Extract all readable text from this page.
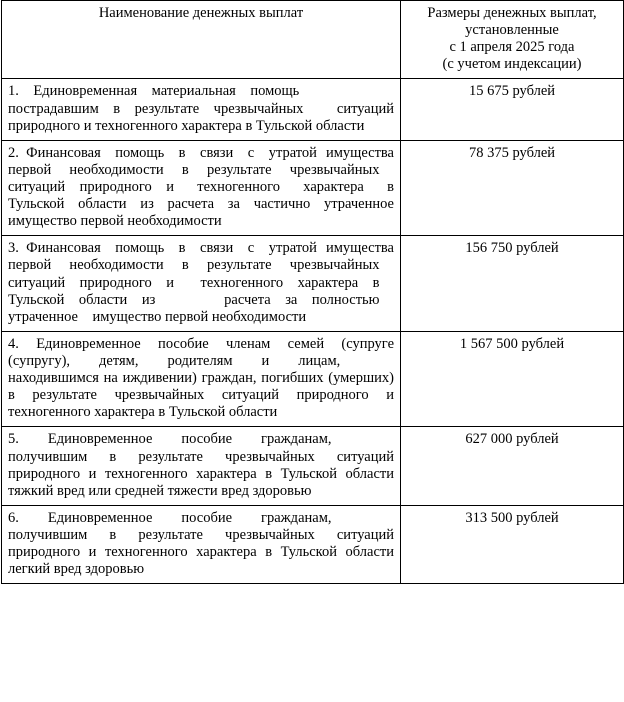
Наименование денежных выплат	Размеры денежных выплат,
установленные
с 1 апреля 2025 года
(с учетом индексации)

1. Единовременная материальная помощь пострадавшим в результате чрезвычайных ситуаций природного и техногенного характера в Тульской области	15 675 рублей
2. Финансовая помощь в связи с утратой имущества первой необходимости в результате чрезвычайных ситуаций природного и техногенного характера в Тульской области из расчета за частично утраченное имущество первой необходимости	78 375 рублей
3. Финансовая помощь в связи с утратой имущества первой необходимости в результате чрезвычайных ситуаций природного и техногенного характера в Тульской области из расчета за полностью утраченное имущество первой необходимости	156 750 рублей
4. Единовременное пособие членам семей (супруге (супругу),  детям,  родителям  и  лицам, находившимся на иждивении) граждан, погибших (умерших) в результате чрезвычайных ситуаций природного и техногенного характера в Тульской области	1 567 500 рублей
5.  Единовременное  пособие  гражданам, получившим в результате чрезвычайных ситуаций природного и техногенного характера в Тульской области тяжкий вред или средней тяжести вред здоровью	627 000 рублей
6.  Единовременное  пособие  гражданам, получившим в результате чрезвычайных ситуаций природного и техногенного характера в Тульской области легкий вред здоровью	313 500 рублей
